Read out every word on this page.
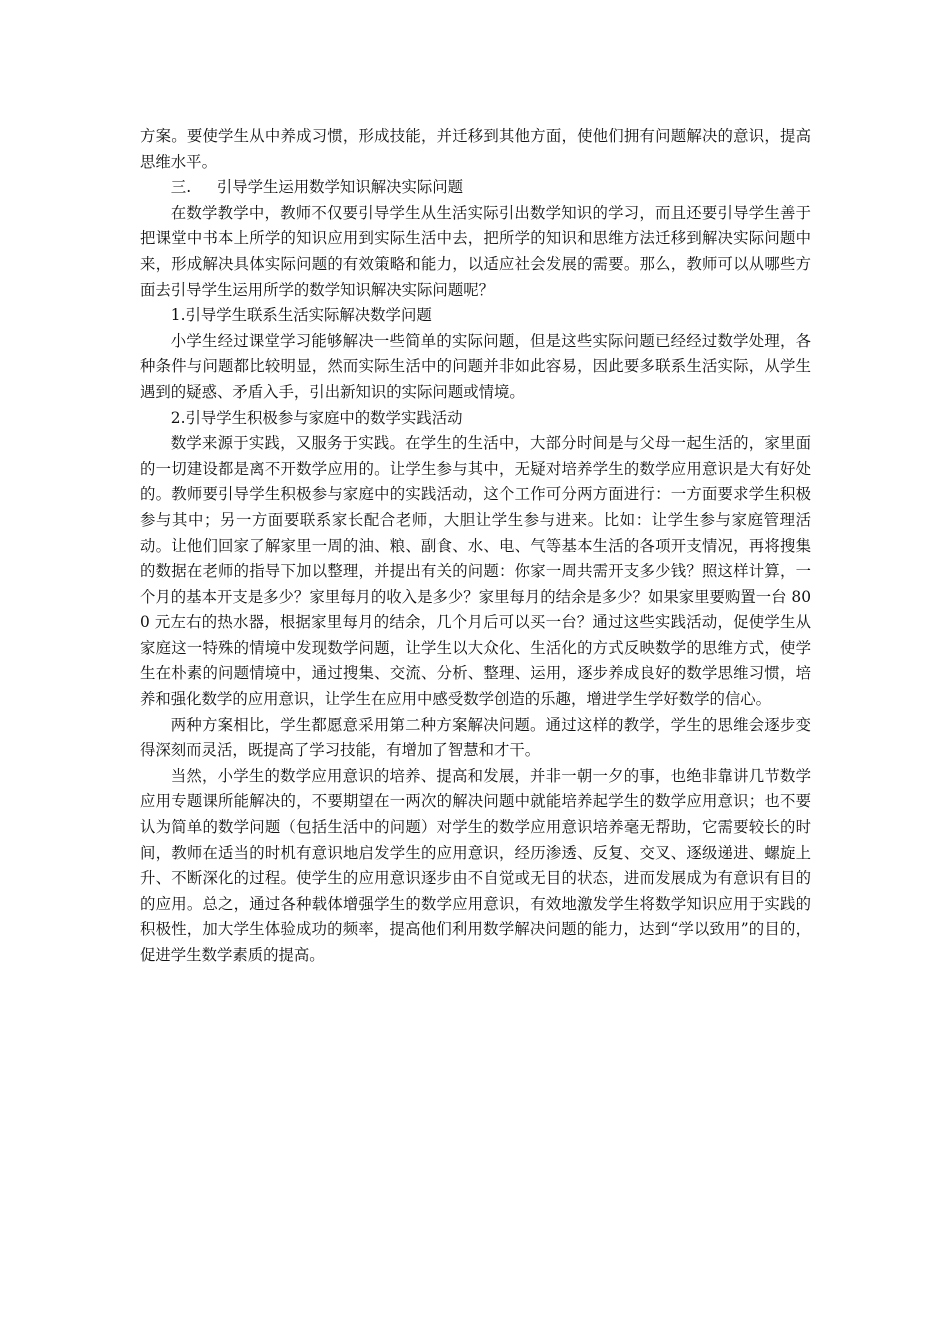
方案。要使学生从中养成习惯，形成技能，并迁移到其他方面，使他们拥有问题解决的意识，提高思维水平。

三. 引导学生运用数学知识解决实际问题

在数学教学中，教师不仅要引导学生从生活实际引出数学知识的学习，而且还要引导学生善于把课堂中书本上所学的知识应用到实际生活中去，把所学的知识和思维方法迁移到解决实际问题中来，形成解决具体实际问题的有效策略和能力，以适应社会发展的需要。那么，教师可以从哪些方面去引导学生运用所学的数学知识解决实际问题呢？

1.引导学生联系生活实际解决数学问题

小学生经过课堂学习能够解决一些简单的实际问题，但是这些实际问题已经经过数学处理，各种条件与问题都比较明显，然而实际生活中的问题并非如此容易，因此要多联系生活实际，从学生遇到的疑惑、矛盾入手，引出新知识的实际问题或情境。

2.引导学生积极参与家庭中的数学实践活动

数学来源于实践，又服务于实践。在学生的生活中，大部分时间是与父母一起生活的，家里面的一切建设都是离不开数学应用的。让学生参与其中，无疑对培养学生的数学应用意识是大有好处的。教师要引导学生积极参与家庭中的实践活动，这个工作可分两方面进行：一方面要求学生积极参与其中；另一方面要联系家长配合老师，大胆让学生参与进来。比如：让学生参与家庭管理活动。让他们回家了解家里一周的油、粮、副食、水、电、气等基本生活的各项开支情况，再将搜集的数据在老师的指导下加以整理，并提出有关的问题：你家一周共需开支多少钱？照这样计算，一个月的基本开支是多少？家里每月的收入是多少？家里每月的结余是多少？如果家里要购置一台 800 元左右的热水器，根据家里每月的结余，几个月后可以买一台？通过这些实践活动，促使学生从家庭这一特殊的情境中发现数学问题，让学生以大众化、生活化的方式反映数学的思维方式，使学生在朴素的问题情境中，通过搜集、交流、分析、整理、运用，逐步养成良好的数学思维习惯，培养和强化数学的应用意识，让学生在应用中感受数学创造的乐趣，增进学生学好数学的信心。

两种方案相比，学生都愿意采用第二种方案解决问题。通过这样的教学，学生的思维会逐步变得深刻而灵活，既提高了学习技能，有增加了智慧和才干。

当然，小学生的数学应用意识的培养、提高和发展，并非一朝一夕的事，也绝非靠讲几节数学应用专题课所能解决的，不要期望在一两次的解决问题中就能培养起学生的数学应用意识；也不要认为简单的数学问题（包括生活中的问题）对学生的数学应用意识培养毫无帮助，它需要较长的时间，教师在适当的时机有意识地启发学生的应用意识，经历渗透、反复、交叉、逐级递进、螺旋上升、不断深化的过程。使学生的应用意识逐步由不自觉或无目的状态，进而发展成为有意识有目的的应用。总之，通过各种载体增强学生的数学应用意识，有效地激发学生将数学知识应用于实践的积极性，加大学生体验成功的频率，提高他们利用数学解决问题的能力，达到“学以致用”的目的，促进学生数学素质的提高。
